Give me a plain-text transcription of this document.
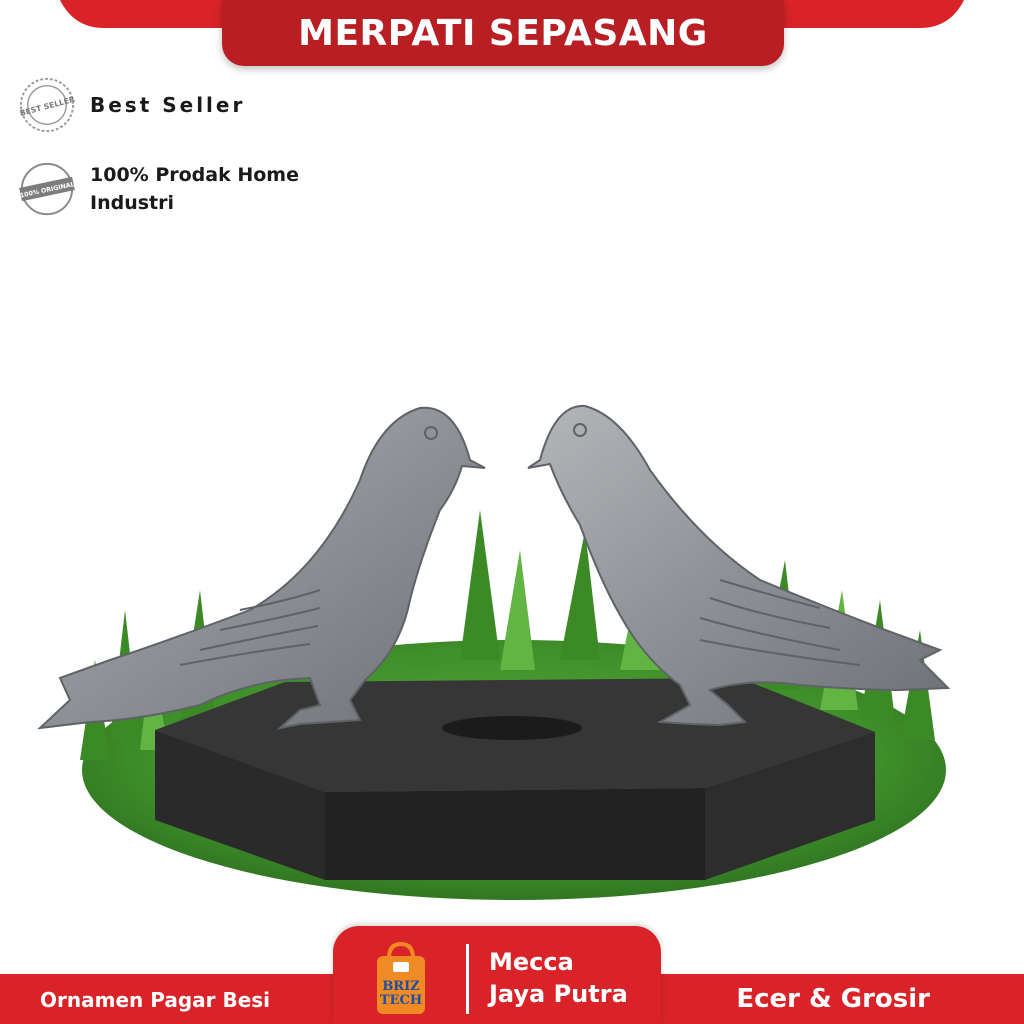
MERPATI SEPASANG
BEST SELLER Best Seller
100% ORIGINAL
100% Prodak Home Industri
Ornamen Pagar Besi	Ecer & Grosir
BRIZ
TECH
Mecca
Jaya Putra
